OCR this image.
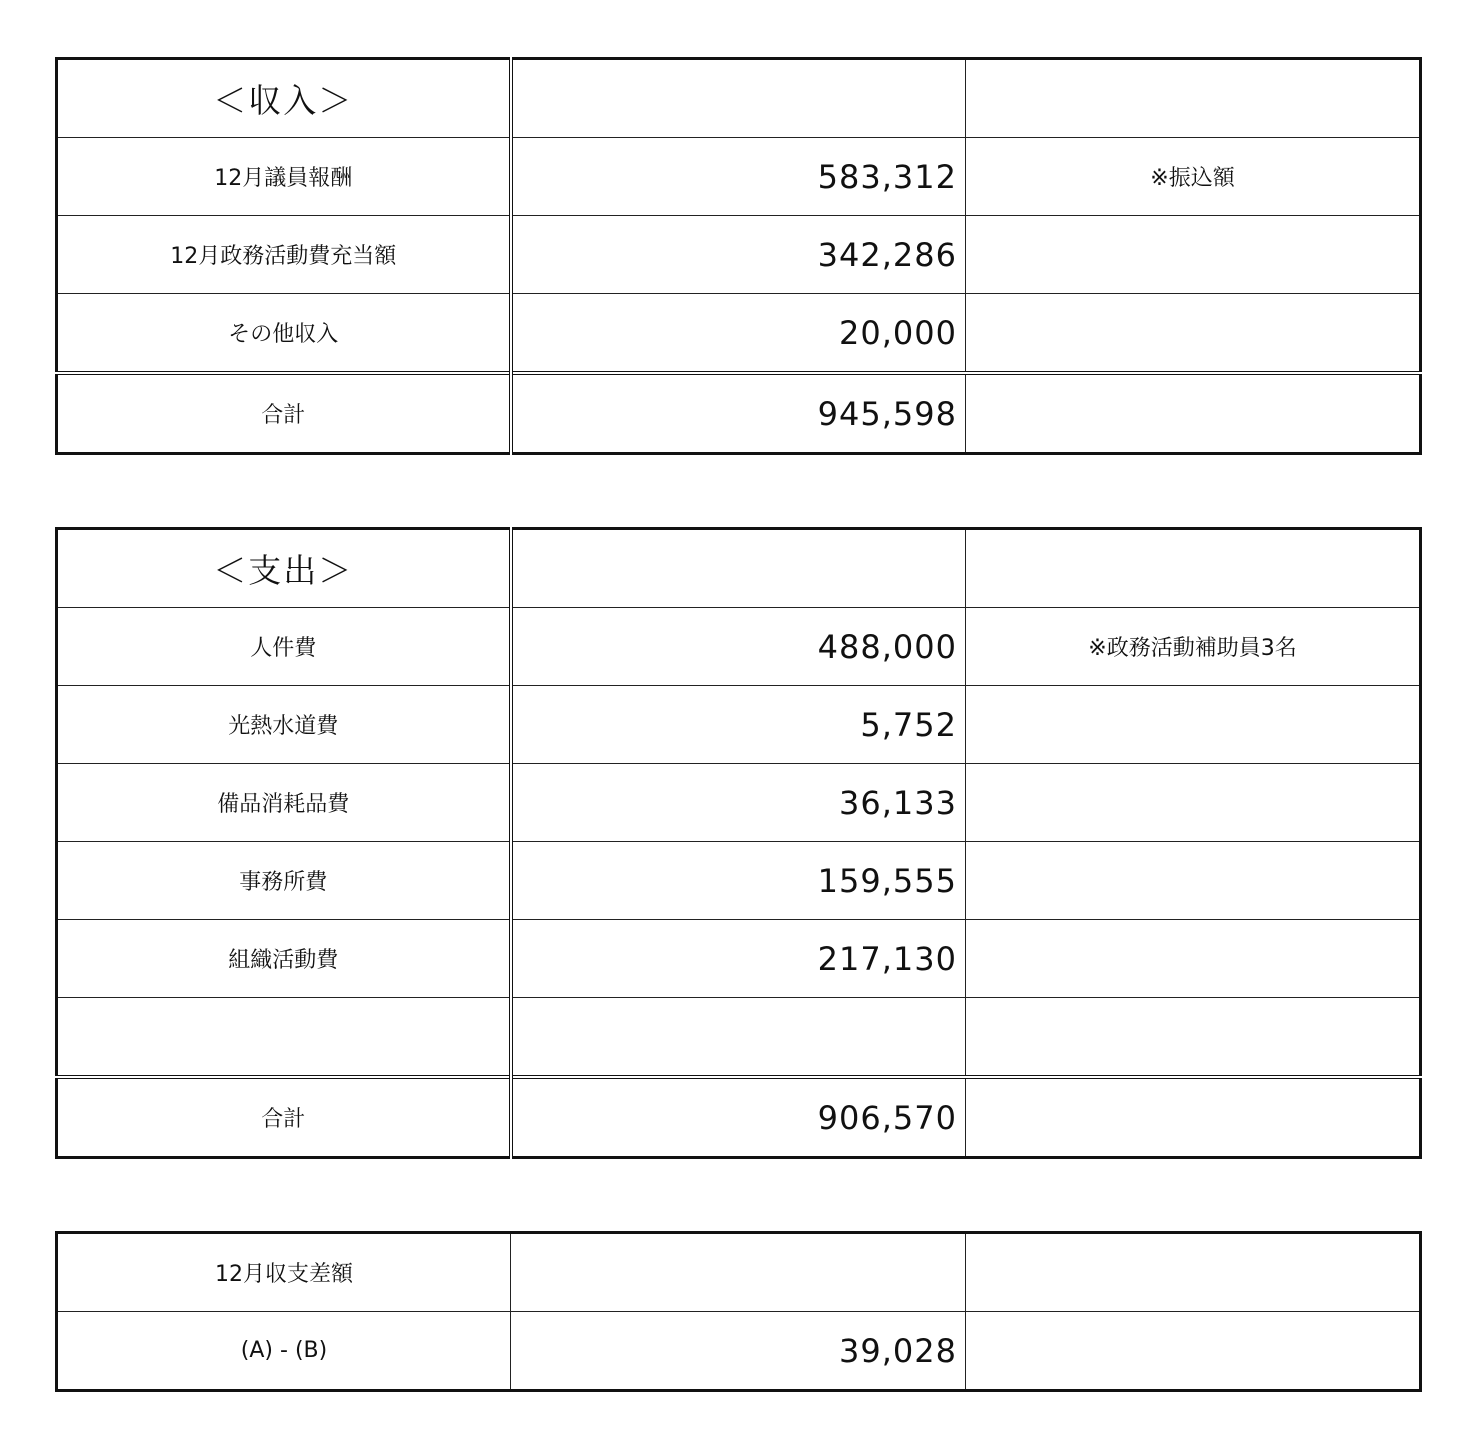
＜収入＞		
12月議員報酬	583,312	※振込額
12月政務活動費充当額	342,286	
その他収入	20,000	
合計	945,598	
＜支出＞		
人件費	488,000	※政務活動補助員3名
光熱水道費	5,752	
備品消耗品費	36,133	
事務所費	159,555	
組織活動費	217,130	

合計	906,570	
12月収支差額		
(A) - (B)	39,028	
